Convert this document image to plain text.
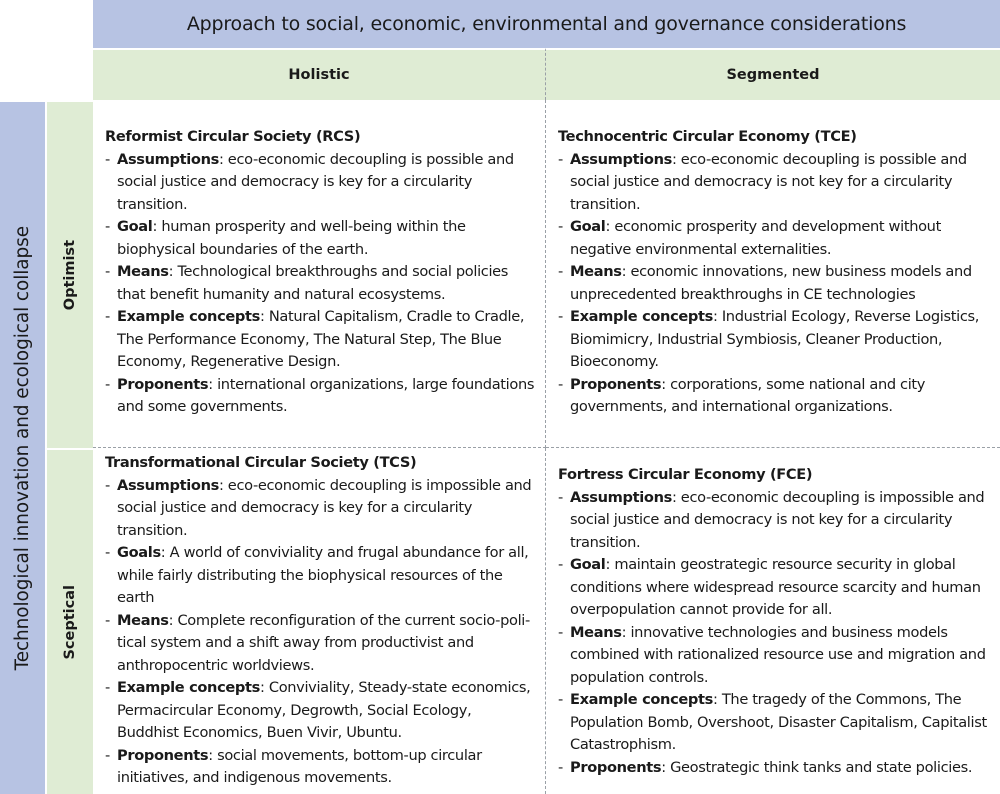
Approach to social, economic, environmental and governance considerations
Holistic	Segmented
Technological innovation and ecological collapse Optimist
Sceptical

Reformist Circular Society (RCS)

- Assumptions: eco-economic decoupling is possible and social justice and democracy is key for a circularity transition.
- Goal: human prosperity and well-being within the biophysical boundaries of the earth.
- Means: Technological breakthroughs and social policies that benefit humanity and natural ecosystems.
- Example concepts: Natural Capitalism, Cradle to Cradle, The Performance Economy, The Natural Step, The Blue Economy, Regenerative Design.
- Proponents: international organizations, large foundations and some governments.

Technocentric Circular Economy (TCE)

- Assumptions: eco-economic decoupling is possible and social justice and democracy is not key for a circularity transition.
- Goal: economic prosperity and development without negative environmental externalities.
- Means: economic innovations, new business models and unprecedented breakthroughs in CE technologies
- Example concepts: Industrial Ecology, Reverse Logistics, Biomimicry, Industrial Symbiosis, Cleaner Production, Bioeconomy.
- Proponents: corporations, some national and city governments, and international organizations.

Transformational Circular Society (TCS)

- Assumptions: eco-economic decoupling is impossible and social justice and democracy is key for a circularity transition.
- Goals: A world of conviviality and frugal abundance for all, while fairly distributing the biophysical resources of the earth
- Means: Complete reconfiguration of the current socio-political system and a shift away from productivist and anthropocentric worldviews.
- Example concepts: Conviviality, Steady-state economics, Permacircular Economy, Degrowth, Social Ecology, Buddhist Economics, Buen Vivir, Ubuntu.
- Proponents: social movements, bottom-up circular initiatives, and indigenous movements.

Fortress Circular Economy (FCE)

- Assumptions: eco-economic decoupling is impossible and social justice and democracy is not key for a circularity transition.
- Goal: maintain geostrategic resource security in global conditions where widespread resource scarcity and human overpopulation cannot provide for all.
- Means: innovative technologies and business models combined with rationalized resource use and migration and population controls.
- Example concepts: The tragedy of the Commons, The Population Bomb, Overshoot, Disaster Capitalism, Capitalist Catastrophism.
- Proponents: Geostrategic think tanks and state policies.
